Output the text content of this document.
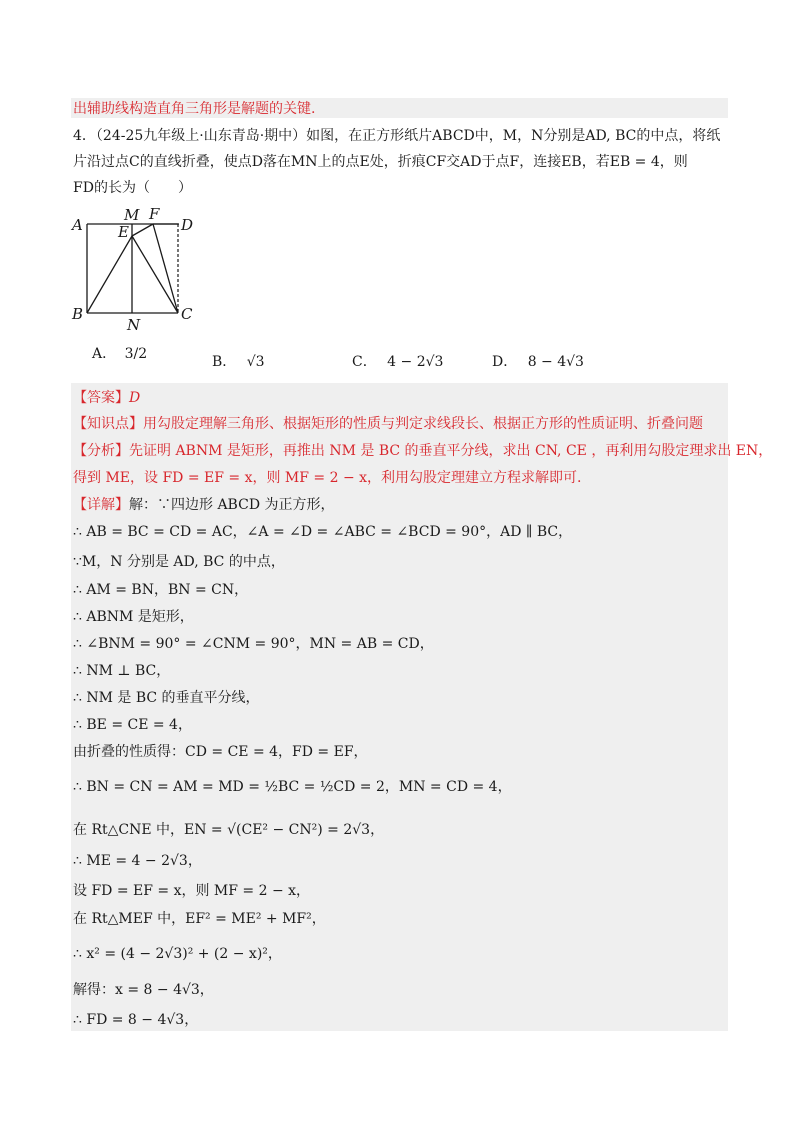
出辅助线构造直角三角形是解题的关键.
4．（24-25九年级上·山东青岛·期中）如图，在正方形纸片ABCD中，M，N分别是AD, BC的中点，将纸
片沿过点C的直线折叠，使点D落在MN上的点E处，折痕CF交AD于点F，连接EB，若EB = 4，则
FD的长为（　　）
A
M F
D
E
B
N
C
A． 3/2	B． √3	C． 4 − 2√3	D． 8 − 4√3
【答案】D
【知识点】用勾股定理解三角形、根据矩形的性质与判定求线段长、根据正方形的性质证明、折叠问题
【分析】先证明 ABNM 是矩形，再推出 NM 是 BC 的垂直平分线，求出 CN, CE ，再利用勾股定理求出 EN，
得到 ME，设 FD = EF = x，则 MF = 2 − x，利用勾股定理建立方程求解即可.
【详解】解：∵四边形 ABCD 为正方形，
∴ AB = BC = CD = AC，∠A = ∠D = ∠ABC = ∠BCD = 90°，AD ∥ BC，
∵M，N 分别是 AD, BC 的中点，
∴ AM = BN，BN = CN，
∴ ABNM 是矩形，
∴ ∠BNM = 90° = ∠CNM = 90°，MN = AB = CD，
∴ NM ⊥ BC，
∴ NM 是 BC 的垂直平分线，
∴ BE = CE = 4，
由折叠的性质得：CD = CE = 4，FD = EF，
∴ BN = CN = AM = MD = ½BC = ½CD = 2，MN = CD = 4，
在 Rt△CNE 中，EN = √(CE² − CN²) = 2√3，
∴ ME = 4 − 2√3，
设 FD = EF = x，则 MF = 2 − x，
在 Rt△MEF 中，EF² = ME² + MF²，
∴ x² = (4 − 2√3)² + (2 − x)²，
解得：x = 8 − 4√3，
∴ FD = 8 − 4√3，
